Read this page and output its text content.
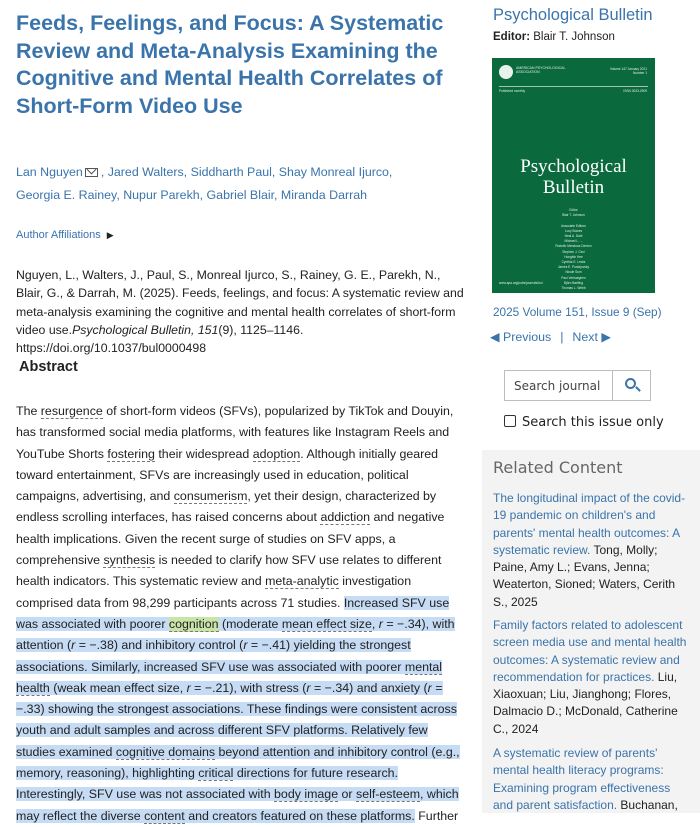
Feeds, Feelings, and Focus: A Systematic Review and Meta-Analysis Examining the Cognitive and Mental Health Correlates of Short-Form Video Use
Lan Nguyen , Jared Walters, Siddharth Paul, Shay Monreal Ijurco,
Georgia E. Rainey, Nupur Parekh, Gabriel Blair, Miranda Darrah
Author Affiliations ▶
Nguyen, L., Walters, J., Paul, S., Monreal Ijurco, S., Rainey, G. E., Parekh, N., Blair, G., & Darrah, M. (2025). Feeds, feelings, and focus: A systematic review and meta-analysis examining the cognitive and mental health correlates of short-form video use.Psychological Bulletin, 151(9), 1125–1146. https://doi.org/10.1037/bul0000498
Abstract
The resurgence of short-form videos (SFVs), popularized by TikTok and Douyin, has transformed social media platforms, with features like Instagram Reels and YouTube Shorts fostering their widespread adoption. Although initially geared toward entertainment, SFVs are increasingly used in education, political campaigns, advertising, and consumerism, yet their design, characterized by endless scrolling interfaces, has raised concerns about addiction and negative health implications. Given the recent surge of studies on SFV apps, a comprehensive synthesis is needed to clarify how SFV use relates to different health indicators. This systematic review and meta-analytic investigation comprised data from 98,299 participants across 71 studies. Increased SFV use was associated with poorer cognition (moderate mean effect size, r = −.34), with attention (r = −.38) and inhibitory control (r = −.41) yielding the strongest associations. Similarly, increased SFV use was associated with poorer mental health (weak mean effect size, r = −.21), with stress (r = −.34) and anxiety (r = −.33) showing the strongest associations. These findings were consistent across youth and adult samples and across different SFV platforms. Relatively few studies examined cognitive domains beyond attention and inhibitory control (e.g., memory, reasoning), highlighting critical directions for future research. Interestingly, SFV use was not associated with body image or self-esteem, which may reflect the diverse content and creators featured on these platforms. Further
Psychological Bulletin
Editor: Blair T. Johnson
AMERICAN PSYCHOLOGICAL ASSOCIATION
Volume 147 January 2021 Number 1
Published monthly	ISSN 0033-2909
Psychological
Bulletin
Editor
Blair T. Johnson

Associate Editors
Lucy Bowes
Neal A. Dahl
Michael L. ...
Rodolfo Mendoza-Denton
Stephen J. Ceci
Hongbin Hee
Cynthia E. Lewis
James E. Pustejovsky
Nicole Sum
Paul Verhaeghen
Björn Bartling
Thomas L. Webb
www.apa.org/pubs/journals/bul
2025 Volume 151, Issue 9 (Sep)
◀ Previous | Next ▶
Search journal
Search this issue only
Related Content
The longitudinal impact of the covid-19 pandemic on children's and parents' mental health outcomes: A systematic review. Tong, Molly; Paine, Amy L.; Evans, Jenna; Weaterton, Sioned; Waters, Cerith S., 2025
Family factors related to adolescent screen media use and mental health outcomes: A systematic review and recommendation for practices. Liu, Xiaoxuan; Liu, Jianghong; Flores, Dalmacio D.; McDonald, Catherine C., 2024
A systematic review of parents' mental health literacy programs: Examining program effectiveness and parent satisfaction. Buchanan,
